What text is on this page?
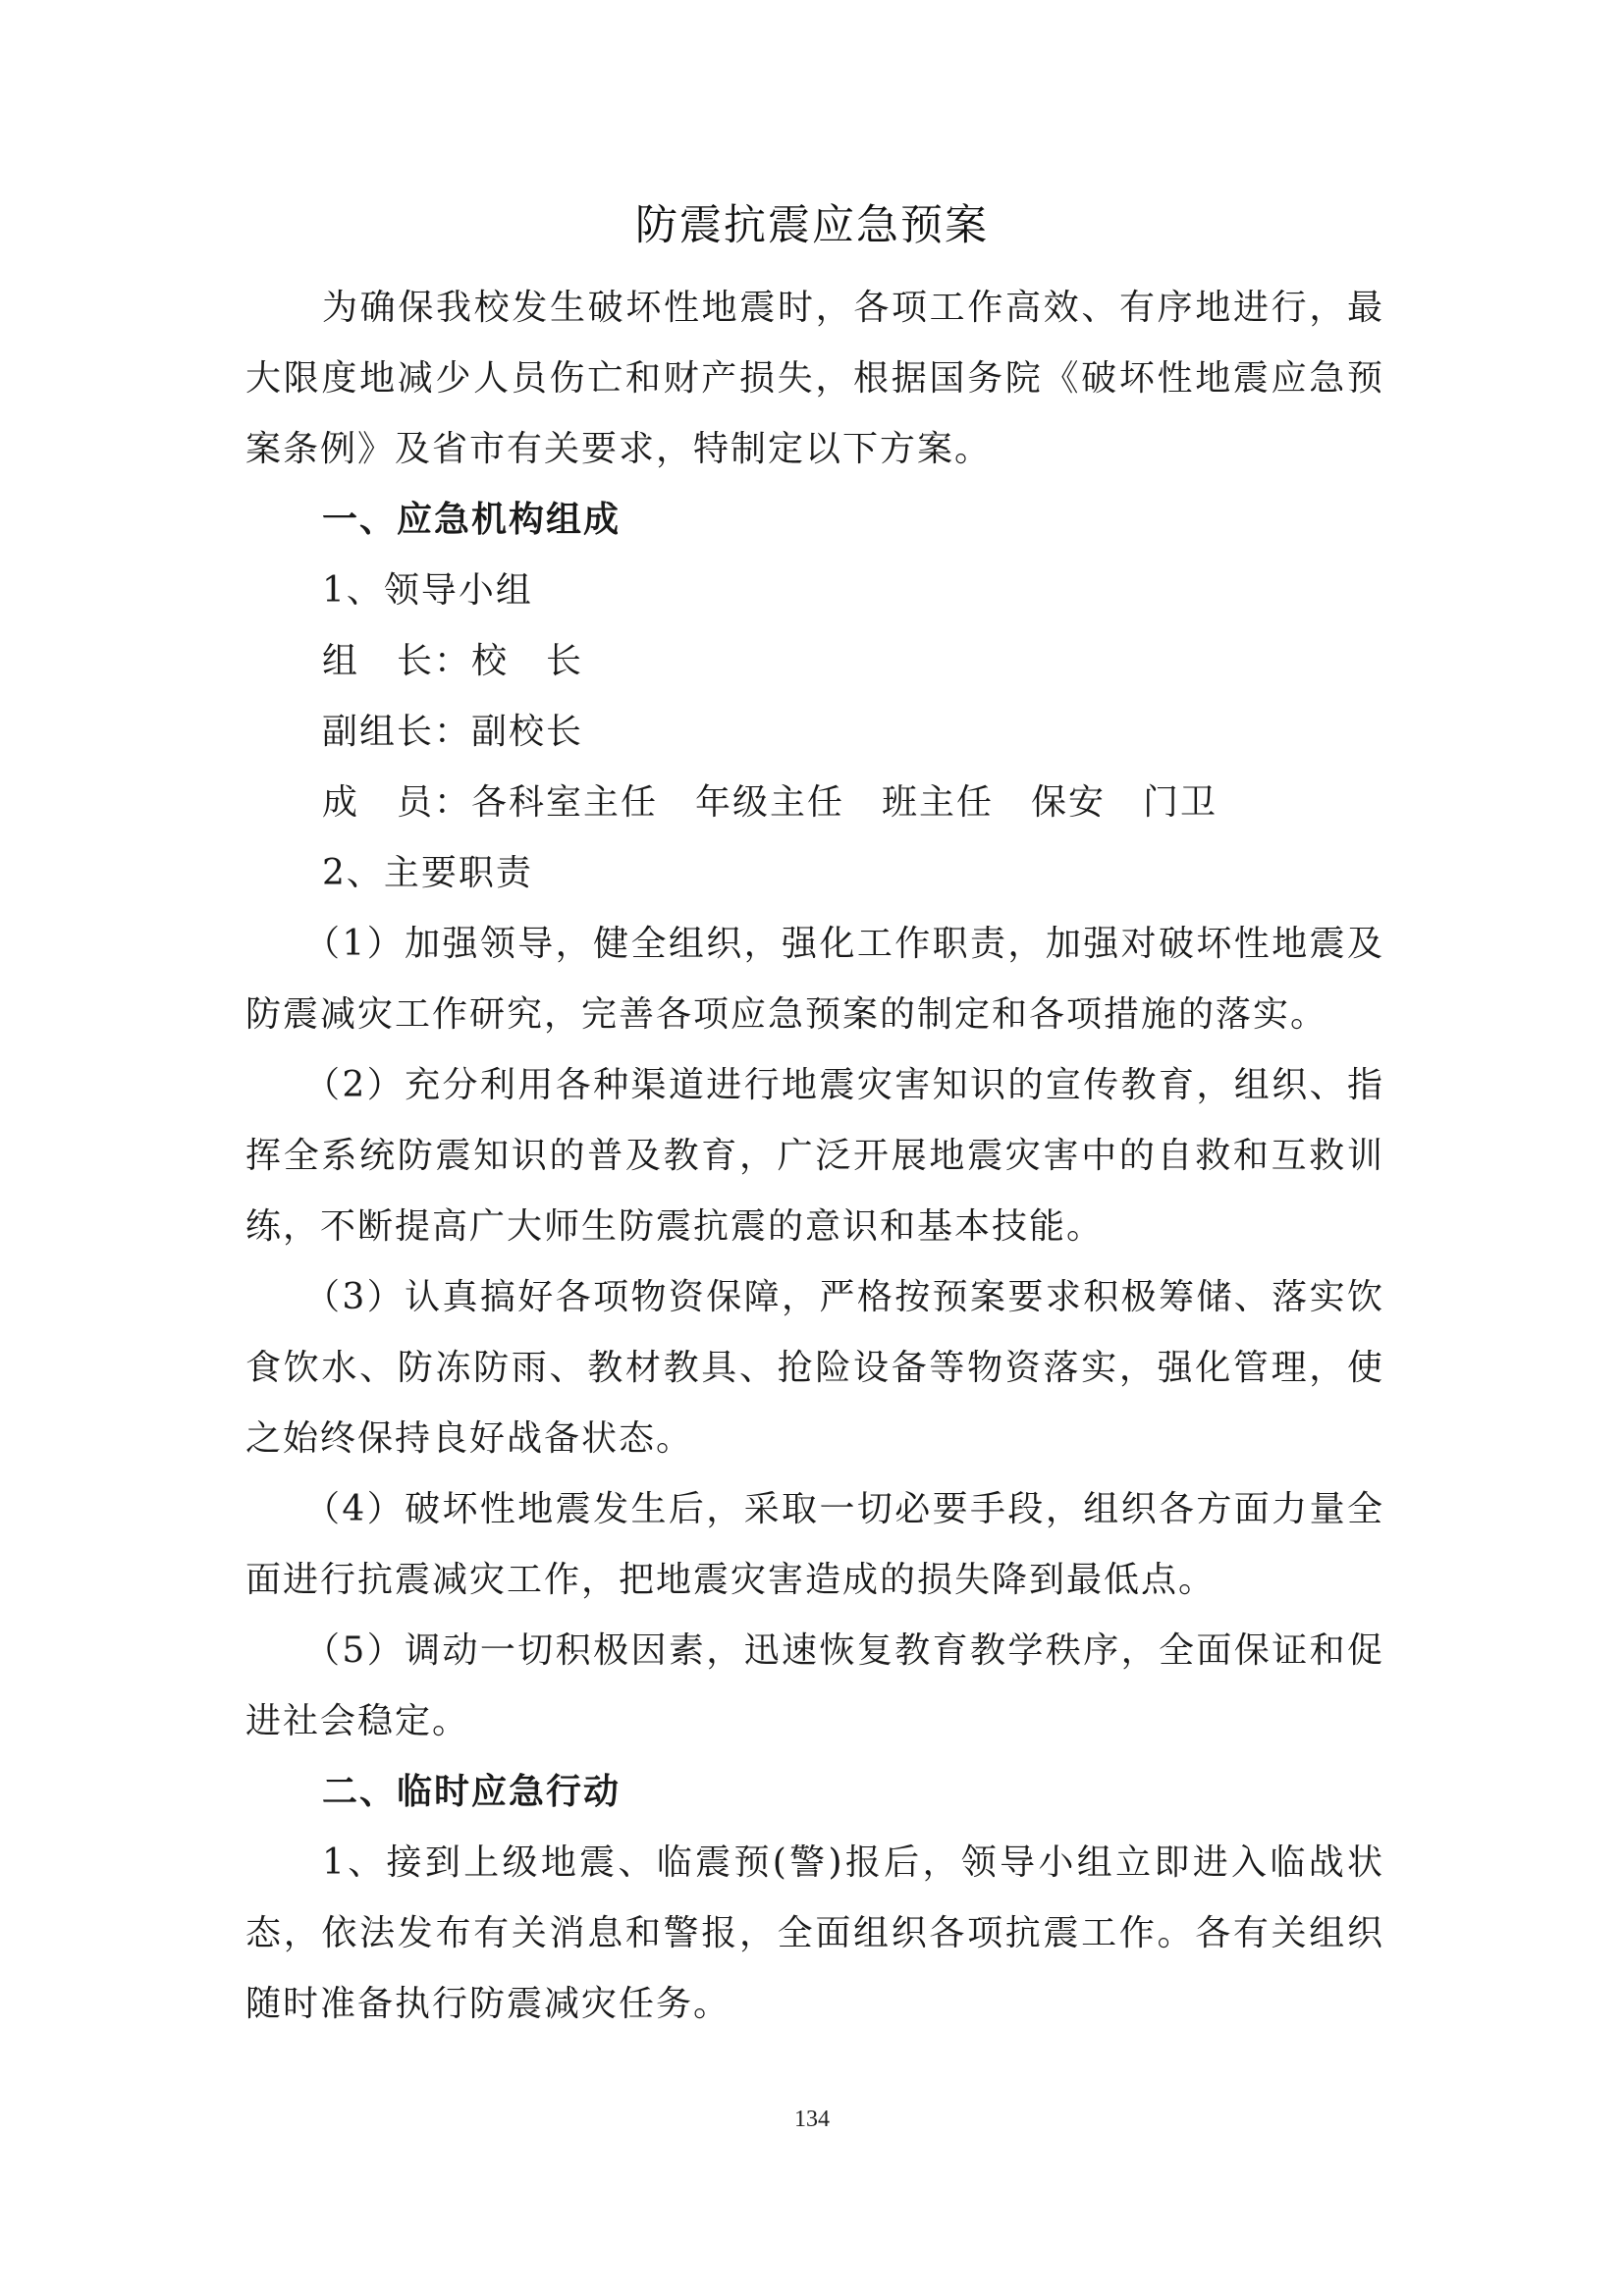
防震抗震应急预案

为确保我校发生破坏性地震时，各项工作高效、有序地进行，最大限度地减少人员伤亡和财产损失，根据国务院《破坏性地震应急预案条例》及省市有关要求，特制定以下方案。

一、应急机构组成

1、领导小组

组　长：校　长

副组长：副校长

成　员：各科室主任　年级主任　班主任　保安　门卫

2、主要职责

（1）加强领导，健全组织，强化工作职责，加强对破坏性地震及防震减灾工作研究，完善各项应急预案的制定和各项措施的落实。

（2）充分利用各种渠道进行地震灾害知识的宣传教育，组织、指挥全系统防震知识的普及教育，广泛开展地震灾害中的自救和互救训练，不断提高广大师生防震抗震的意识和基本技能。

（3）认真搞好各项物资保障，严格按预案要求积极筹储、落实饮食饮水、防冻防雨、教材教具、抢险设备等物资落实，强化管理，使之始终保持良好战备状态。

（4）破坏性地震发生后，采取一切必要手段，组织各方面力量全面进行抗震减灾工作，把地震灾害造成的损失降到最低点。

（5）调动一切积极因素，迅速恢复教育教学秩序，全面保证和促进社会稳定。

二、临时应急行动

1、接到上级地震、临震预(警)报后，领导小组立即进入临战状态，依法发布有关消息和警报，全面组织各项抗震工作。各有关组织随时准备执行防震减灾任务。

134
